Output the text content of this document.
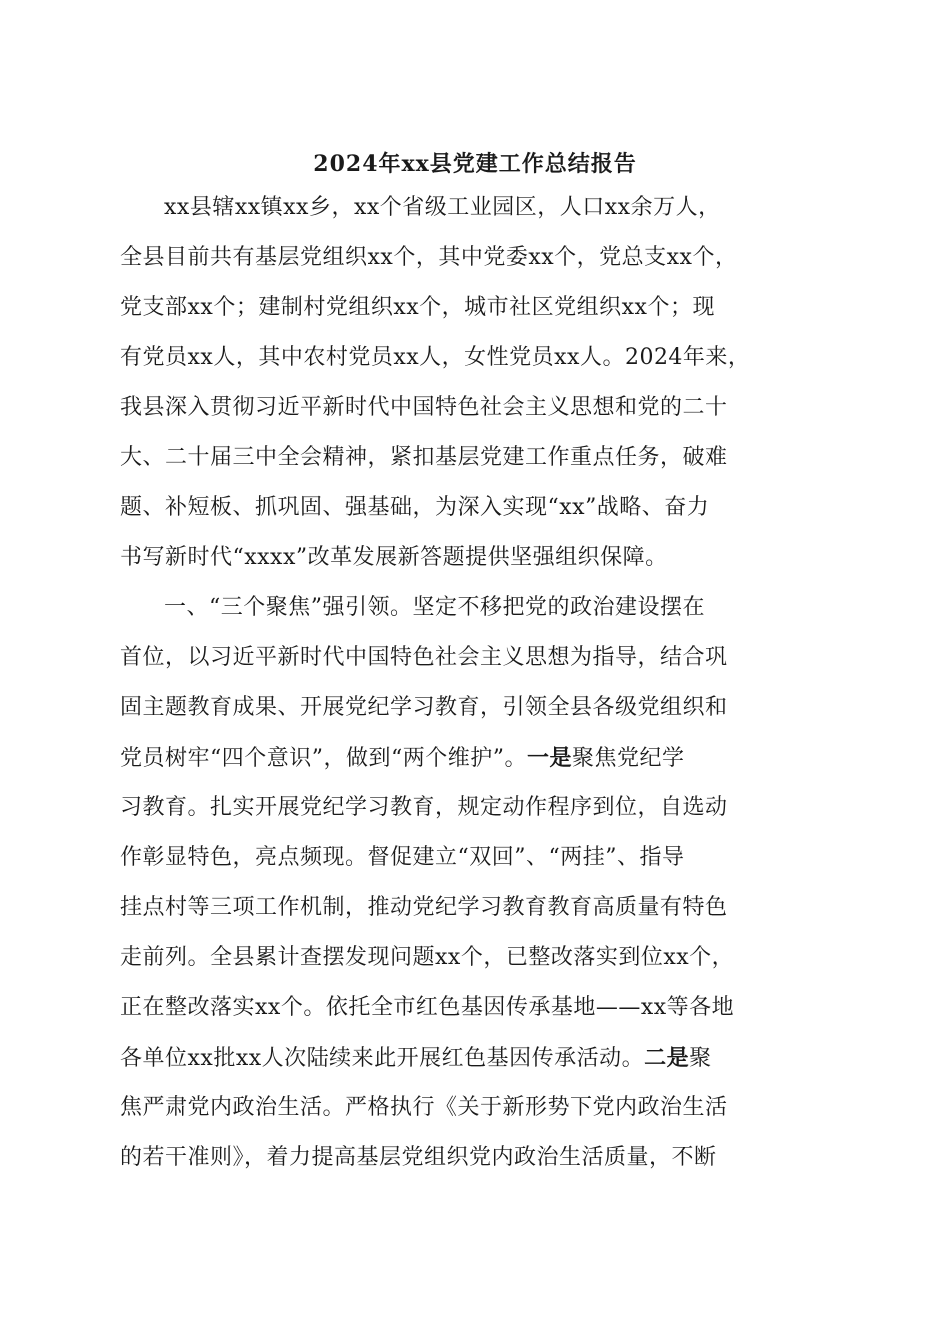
2024年xx县党建工作总结报告
xx县辖xx镇xx乡，xx个省级工业园区，人口xx余万人，
全县目前共有基层党组织xx个，其中党委xx个，党总支xx个，
党支部xx个；建制村党组织xx个，城市社区党组织xx个；现
有党员xx人，其中农村党员xx人，女性党员xx人。2024年来，
我县深入贯彻习近平新时代中国特色社会主义思想和党的二十
大、二十届三中全会精神，紧扣基层党建工作重点任务，破难
题、补短板、抓巩固、强基础，为深入实现“xx”战略、奋力
书写新时代“xxxx”改革发展新答题提供坚强组织保障。
一、“三个聚焦”强引领。坚定不移把党的政治建设摆在
首位，以习近平新时代中国特色社会主义思想为指导，结合巩
固主题教育成果、开展党纪学习教育，引领全县各级党组织和
党员树牢“四个意识”，做到“两个维护”。一是聚焦党纪学
习教育。扎实开展党纪学习教育，规定动作程序到位，自选动
作彰显特色，亮点频现。督促建立“双回”、“两挂”、指导
挂点村等三项工作机制，推动党纪学习教育教育高质量有特色
走前列。全县累计查摆发现问题xx个，已整改落实到位xx个，
正在整改落实xx个。依托全市红色基因传承基地——xx等各地
各单位xx批xx人次陆续来此开展红色基因传承活动。二是聚
焦严肃党内政治生活。严格执行《关于新形势下党内政治生活
的若干准则》，着力提高基层党组织党内政治生活质量，不断
